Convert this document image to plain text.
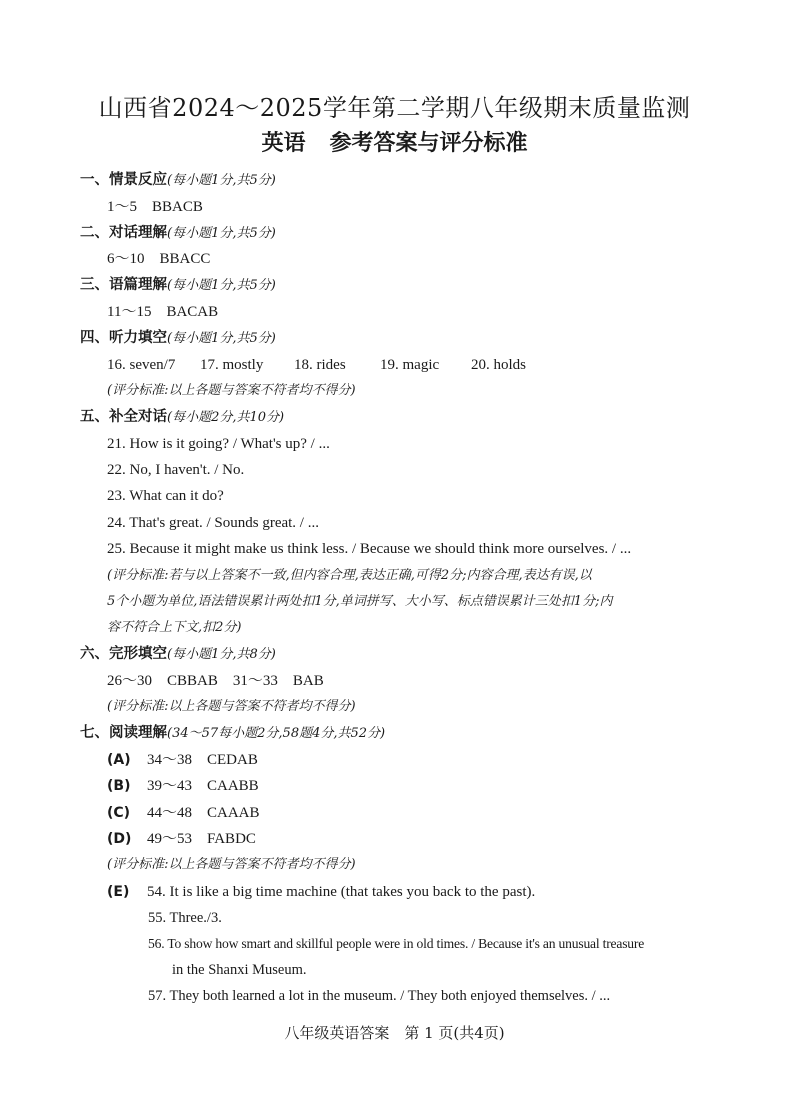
山西省2024～2025学年第二学期八年级期末质量监测
英语 参考答案与评分标准
一、情景反应(每小题1分,共5分)
1～5　BBACB
二、对话理解(每小题1分,共5分)
6～10　BBACC
三、语篇理解(每小题1分,共5分)
11～15　BACAB
四、听力填空(每小题1分,共5分)
16. seven/7 17. mostly 18. rides 19. magic 20. holds
(评分标准:以上各题与答案不符者均不得分)
五、补全对话(每小题2分,共10分)
21. How is it going? / What's up? / ...
22. No, I haven't. / No.
23. What can it do?
24. That's great. / Sounds great. / ...
25. Because it might make us think less. / Because we should think more ourselves. / ...
(评分标准:若与以上答案不一致,但内容合理,表达正确,可得2分;内容合理,表达有误,以
5个小题为单位,语法错误累计两处扣1分,单词拼写、大小写、标点错误累计三处扣1分;内
容不符合上下文,扣2分)
六、完形填空(每小题1分,共8分)
26～30　CBBAB　31～33　BAB
(评分标准:以上各题与答案不符者均不得分)
七、阅读理解(34～57每小题2分,58题4分,共52分)
(A) 34～38　CEDAB
(B) 39～43　CAABB
(C) 44～48　CAAAB
(D) 49～53　FABDC
(评分标准:以上各题与答案不符者均不得分)
(E) 54. It is like a big time machine (that takes you back to the past).
55. Three./3.
56. To show how smart and skillful people were in old times. / Because it's an unusual treasure
in the Shanxi Museum.
57. They both learned a lot in the museum. / They both enjoyed themselves. / ...
八年级英语答案　第 1 页(共4页)
